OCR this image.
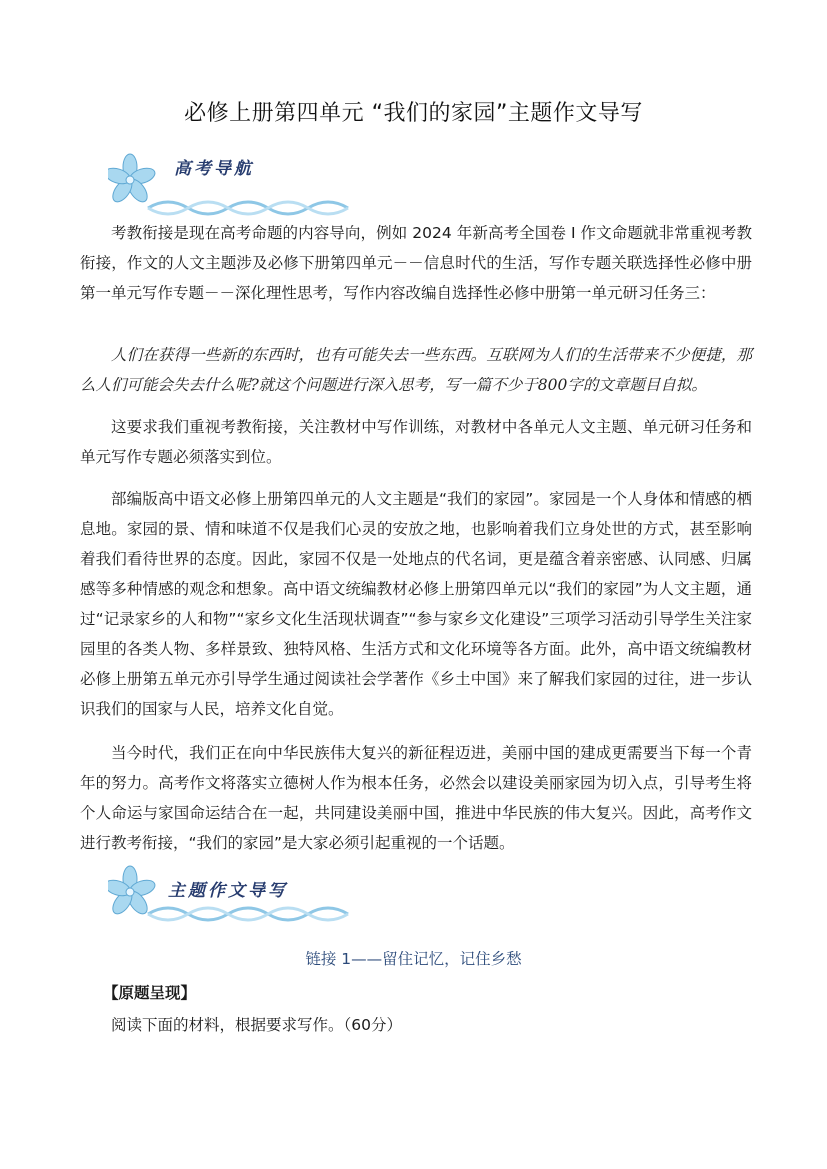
必修上册第四单元 “我们的家园”主题作文导写
高考导航

考教衔接是现在高考命题的内容导向，例如 2024 年新高考全国卷 I 作文命题就非常重视考教衔接，作文的人文主题涉及必修下册第四单元－－信息时代的生活，写作专题关联选择性必修中册第一单元写作专题－－深化理性思考，写作内容改编自选择性必修中册第一单元研习任务三：

人们在获得一些新的东西时，也有可能失去一些东西。互联网为人们的生活带来不少便捷，那么人们可能会失去什么呢?就这个问题进行深入思考，写一篇不少于800字的文章题目自拟。

这要求我们重视考教衔接，关注教材中写作训练，对教材中各单元人文主题、单元研习任务和单元写作专题必须落实到位。

部编版高中语文必修上册第四单元的人文主题是“我们的家园”。家园是一个人身体和情感的栖息地。家园的景、情和味道不仅是我们心灵的安放之地，也影响着我们立身处世的方式，甚至影响着我们看待世界的态度。因此，家园不仅是一处地点的代名词，更是蕴含着亲密感、认同感、归属感等多种情感的观念和想象。高中语文统编教材必修上册第四单元以“我们的家园”为人文主题，通过“记录家乡的人和物”“家乡文化生活现状调查”“参与家乡文化建设”三项学习活动引导学生关注家园里的各类人物、多样景致、独特风格、生活方式和文化环境等各方面。此外，高中语文统编教材必修上册第五单元亦引导学生通过阅读社会学著作《乡土中国》来了解我们家园的过往，进一步认识我们的国家与人民，培养文化自觉。

当今时代，我们正在向中华民族伟大复兴的新征程迈进，美丽中国的建成更需要当下每一个青年的努力。高考作文将落实立德树人作为根本任务，必然会以建设美丽家园为切入点，引导考生将个人命运与家国命运结合在一起，共同建设美丽中国，推进中华民族的伟大复兴。因此，高考作文进行教考衔接，“我们的家园”是大家必须引起重视的一个话题。

主题作文导写
链接 1——留住记忆，记住乡愁
【原题呈现】
阅读下面的材料，根据要求写作。（60分）
